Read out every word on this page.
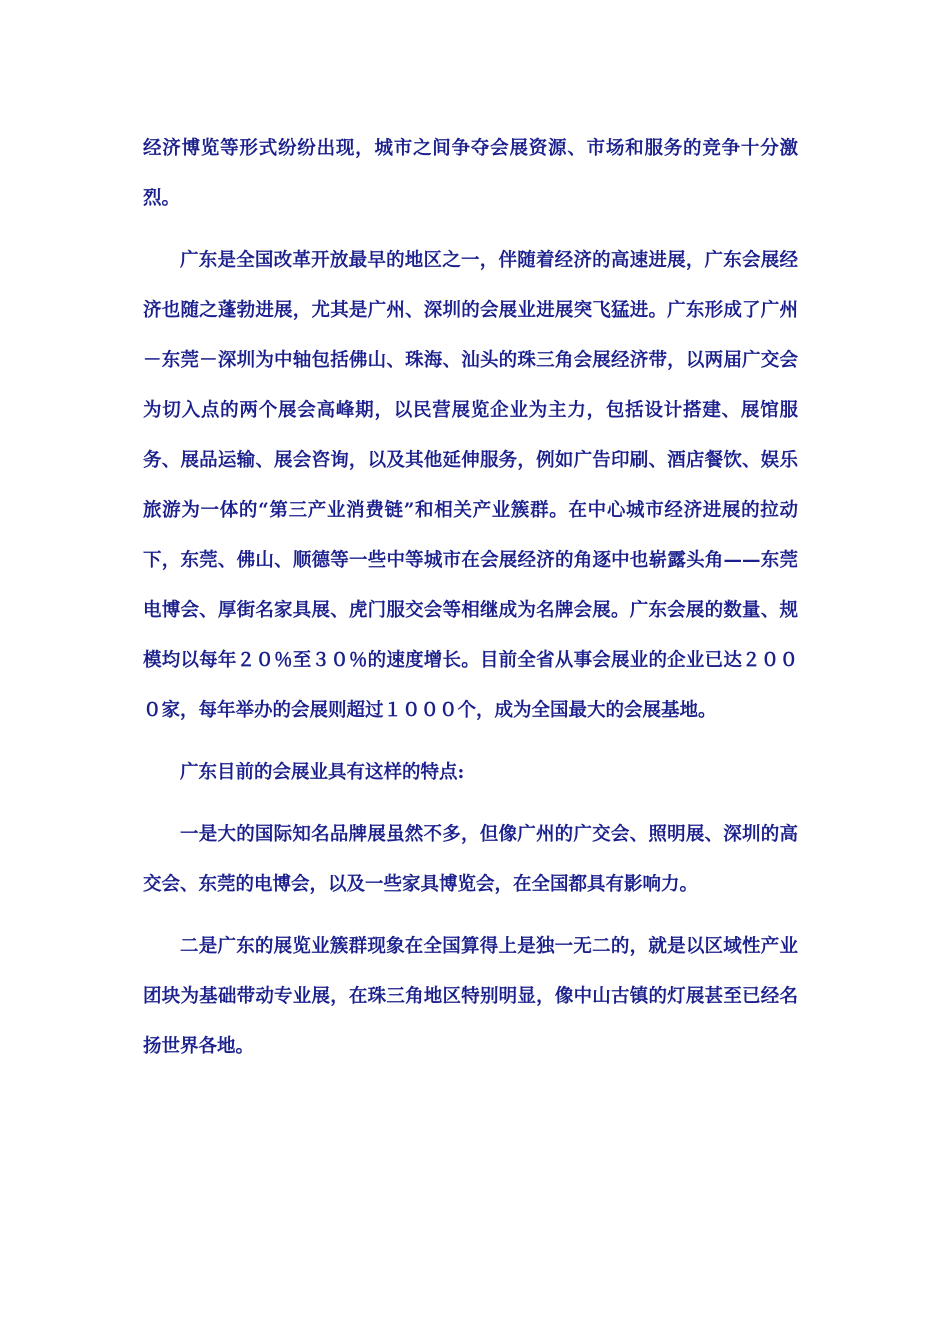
经济博览等形式纷纷出现，城市之间争夺会展资源、市场和服务的竞争十分激烈。

广东是全国改革开放最早的地区之一，伴随着经济的高速进展，广东会展经济也随之蓬勃进展，尤其是广州、深圳的会展业进展突飞猛进。广东形成了广州－东莞－深圳为中轴包括佛山、珠海、汕头的珠三角会展经济带，以两届广交会为切入点的两个展会高峰期，以民营展览企业为主力，包括设计搭建、展馆服务、展品运输、展会咨询，以及其他延伸服务，例如广告印刷、酒店餐饮、娱乐旅游为一体的“第三产业消费链”和相关产业簇群。在中心城市经济进展的拉动下，东莞、佛山、顺德等一些中等城市在会展经济的角逐中也崭露头角——东莞电博会、厚街名家具展、虎门服交会等相继成为名牌会展。广东会展的数量、规模均以每年２０％至３０％的速度增长。目前全省从事会展业的企业已达２０００家，每年举办的会展则超过１０００个，成为全国最大的会展基地。

广东目前的会展业具有这样的特点:

一是大的国际知名品牌展虽然不多，但像广州的广交会、照明展、深圳的高交会、东莞的电博会，以及一些家具博览会，在全国都具有影响力。

二是广东的展览业簇群现象在全国算得上是独一无二的，就是以区域性产业团块为基础带动专业展，在珠三角地区特别明显，像中山古镇的灯展甚至已经名扬世界各地。
